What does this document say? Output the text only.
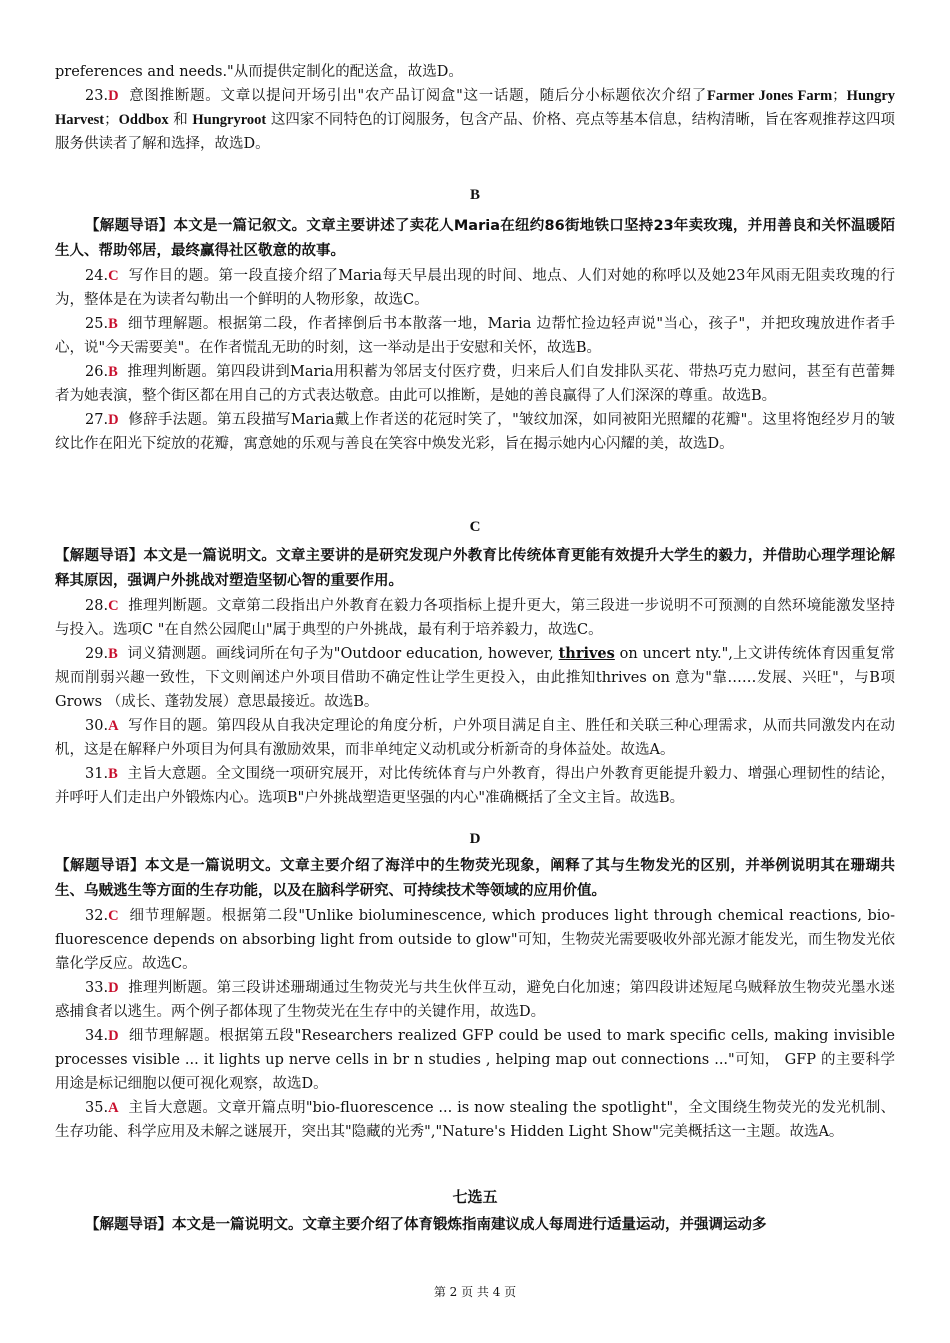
preferences and needs."从而提供定制化的配送盒，故选D。

23.D 意图推断题。文章以提问开场引出"农产品订阅盒"这一话题，随后分小标题依次介绍了Farmer Jones Farm；Hungry Harvest；Oddbox 和 Hungryroot 这四家不同特色的订阅服务，包含产品、价格、亮点等基本信息，结构清晰，旨在客观推荐这四项服务供读者了解和选择，故选D。

B

【解题导语】本文是一篇记叙文。文章主要讲述了卖花人Maria在纽约86街地铁口坚持23年卖玫瑰，并用善良和关怀温暖陌生人、帮助邻居，最终赢得社区敬意的故事。

24.C 写作目的题。第一段直接介绍了Maria每天早晨出现的时间、地点、人们对她的称呼以及她23年风雨无阻卖玫瑰的行为，整体是在为读者勾勒出一个鲜明的人物形象，故选C。

25.B 细节理解题。根据第二段，作者摔倒后书本散落一地，Maria 边帮忙捡边轻声说"当心，孩子"，并把玫瑰放进作者手心，说"今天需要美"。在作者慌乱无助的时刻，这一举动是出于安慰和关怀，故选B。

26.B 推理判断题。第四段讲到Maria用积蓄为邻居支付医疗费，归来后人们自发排队买花、带热巧克力慰问，甚至有芭蕾舞者为她表演，整个街区都在用自己的方式表达敬意。由此可以推断，是她的善良赢得了人们深深的尊重。故选B。

27.D 修辞手法题。第五段描写Maria戴上作者送的花冠时笑了，"皱纹加深，如同被阳光照耀的花瓣"。这里将饱经岁月的皱纹比作在阳光下绽放的花瓣，寓意她的乐观与善良在笑容中焕发光彩，旨在揭示她内心闪耀的美，故选D。

C

【解题导语】本文是一篇说明文。文章主要讲的是研究发现户外教育比传统体育更能有效提升大学生的毅力，并借助心理学理论解释其原因，强调户外挑战对塑造坚韧心智的重要作用。

28.C 推理判断题。文章第二段指出户外教育在毅力各项指标上提升更大，第三段进一步说明不可预测的自然环境能激发坚持与投入。选项C "在自然公园爬山"属于典型的户外挑战，最有利于培养毅力，故选C。

29.B 词义猜测题。画线词所在句子为"Outdoor education, however, thrives on uncert nty.",上文讲传统体育因重复常规而削弱兴趣一致性，下文则阐述户外项目借助不确定性让学生更投入，由此推知thrives on 意为"靠……发展、兴旺"，与B项Grows （成长、蓬勃发展）意思最接近。故选B。

30.A 写作目的题。第四段从自我决定理论的角度分析，户外项目满足自主、胜任和关联三种心理需求，从而共同激发内在动机，这是在解释户外项目为何具有激励效果，而非单纯定义动机或分析新奇的身体益处。故选A。

31.B 主旨大意题。全文围绕一项研究展开，对比传统体育与户外教育，得出户外教育更能提升毅力、增强心理韧性的结论，并呼吁人们走出户外锻炼内心。选项B"户外挑战塑造更坚强的内心"准确概括了全文主旨。故选B。

D

【解题导语】本文是一篇说明文。文章主要介绍了海洋中的生物荧光现象，阐释了其与生物发光的区别，并举例说明其在珊瑚共生、乌贼逃生等方面的生存功能，以及在脑科学研究、可持续技术等领域的应用价值。

32.C 细节理解题。根据第二段"Unlike bioluminescence, which produces light through chemical reactions, bio-fluorescence depends on absorbing light from outside to glow"可知，生物荧光需要吸收外部光源才能发光，而生物发光依靠化学反应。故选C。

33.D 推理判断题。第三段讲述珊瑚通过生物荧光与共生伙伴互动，避免白化加速；第四段讲述短尾乌贼释放生物荧光墨水迷惑捕食者以逃生。两个例子都体现了生物荧光在生存中的关键作用，故选D。

34.D 细节理解题。根据第五段"Researchers realized GFP could be used to mark specific cells, making invisible processes visible ... it lights up nerve cells in br n studies , helping map out connections ..."可知， GFP 的主要科学用途是标记细胞以便可视化观察，故选D。

35.A 主旨大意题。文章开篇点明"bio-fluorescence ... is now stealing the spotlight"，全文围绕生物荧光的发光机制、生存功能、科学应用及未解之谜展开，突出其"隐藏的光秀","Nature's Hidden Light Show"完美概括这一主题。故选A。

七选五

【解题导语】本文是一篇说明文。文章主要介绍了体育锻炼指南建议成人每周进行适量运动，并强调运动多

第 2 页 共 4 页
